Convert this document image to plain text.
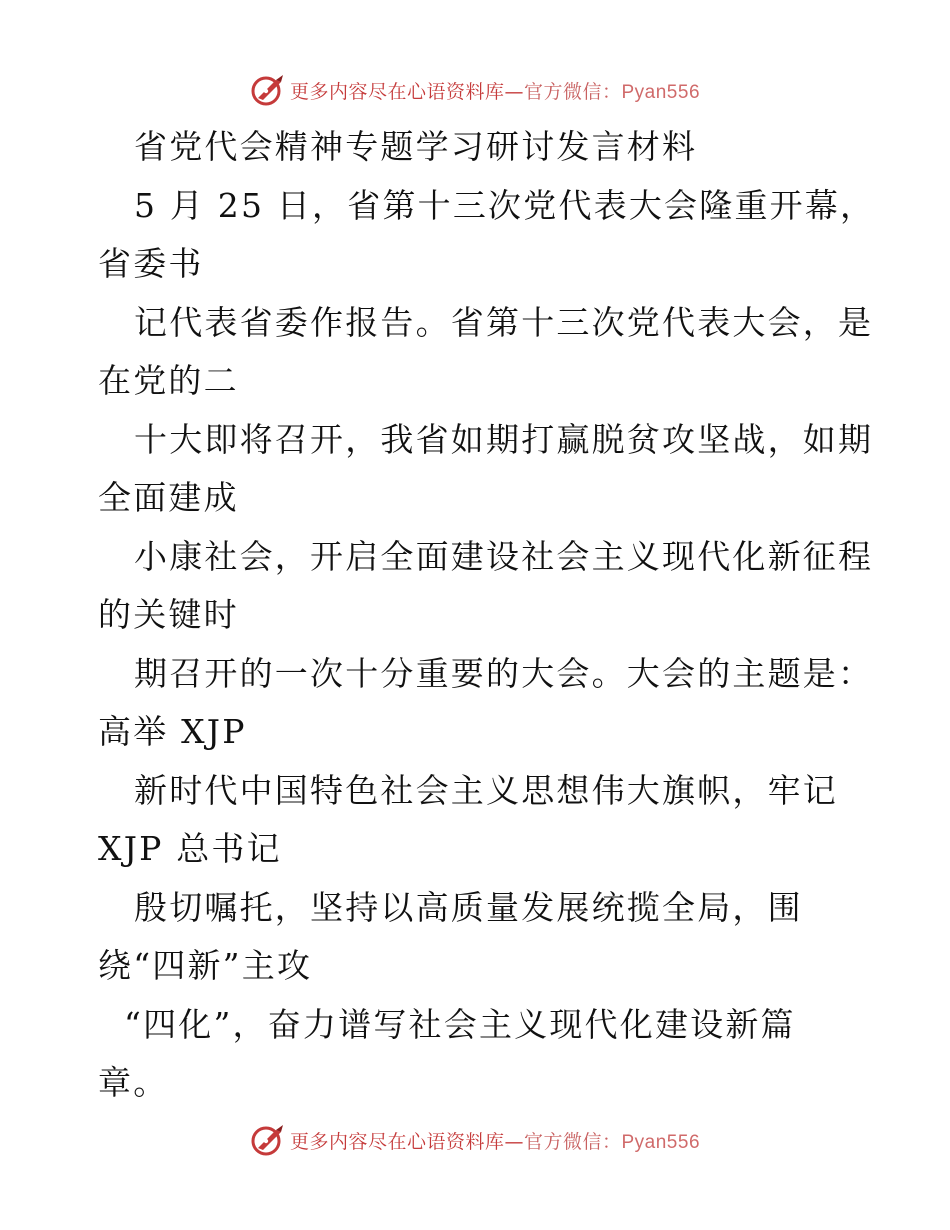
更多内容尽在心语资料库—官方微信：Pyan556
省党代会精神专题学习研讨发言材料
5 月 25 日，省第十三次党代表大会隆重开幕，
省委书
记代表省委作报告。省第十三次党代表大会，是
在党的二
十大即将召开，我省如期打赢脱贫攻坚战，如期
全面建成
小康社会，开启全面建设社会主义现代化新征程
的关键时
期召开的一次十分重要的大会。大会的主题是：
高举 XJP
新时代中国特色社会主义思想伟大旗帜，牢记
XJP 总书记
殷切嘱托，坚持以高质量发展统揽全局，围
绕“四新”主攻
“四化”，奋力谱写社会主义现代化建设新篇
章。
更多内容尽在心语资料库—官方微信：Pyan556
